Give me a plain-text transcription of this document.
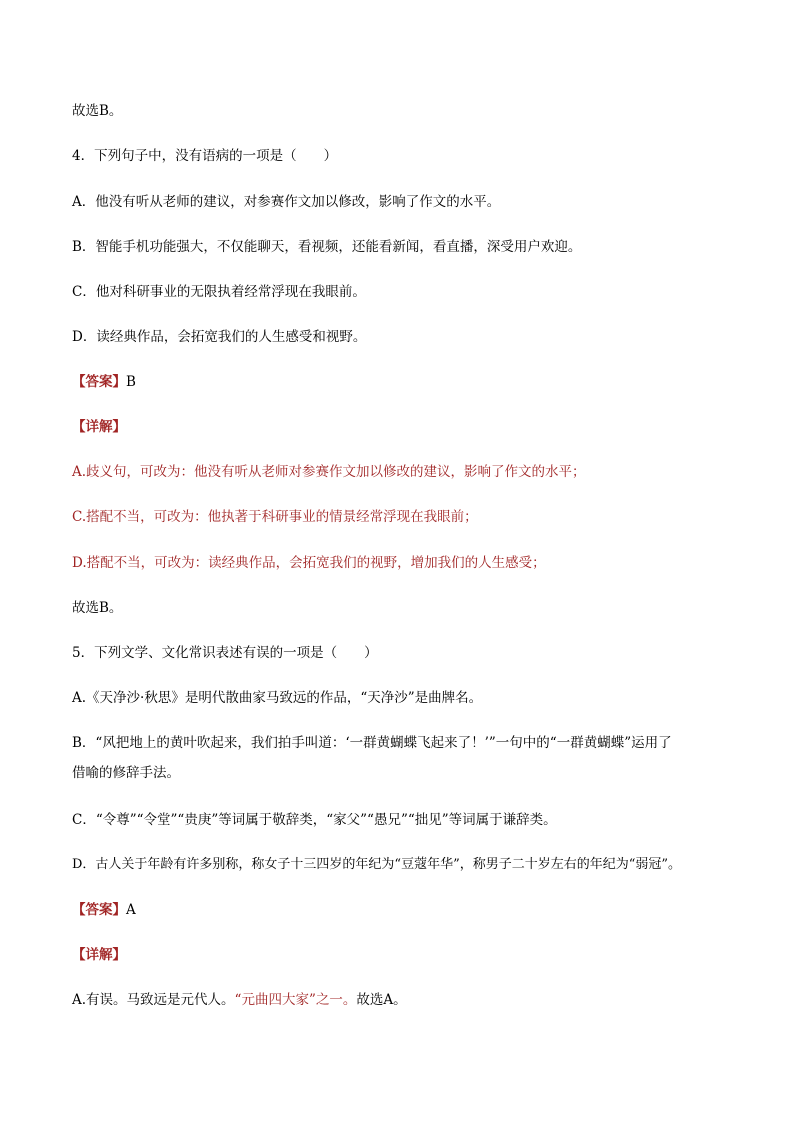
故选B。
4．下列句子中，没有语病的一项是（　　）
A．他没有听从老师的建议，对参赛作文加以修改，影响了作文的水平。
B．智能手机功能强大，不仅能聊天，看视频，还能看新闻，看直播，深受用户欢迎。
C．他对科研事业的无限执着经常浮现在我眼前。
D．读经典作品，会拓宽我们的人生感受和视野。
【答案】B
【详解】
A.歧义句，可改为：他没有听从老师对参赛作文加以修改的建议，影响了作文的水平；
C.搭配不当，可改为：他执著于科研事业的情景经常浮现在我眼前；
D.搭配不当，可改为：读经典作品，会拓宽我们的视野，增加我们的人生感受；
故选B。
5．下列文学、文化常识表述有误的一项是（　　）
A.《天净沙·秋思》是明代散曲家马致远的作品，“天净沙”是曲牌名。
B．“风把地上的黄叶吹起来，我们拍手叫道：‘一群黄蝴蝶飞起来了！’”一句中的“一群黄蝴蝶”运用了
借喻的修辞手法。
C．“令尊”“令堂”“贵庚”等词属于敬辞类，“家父”“愚兄”“拙见”等词属于谦辞类。
D．古人关于年龄有许多别称，称女子十三四岁的年纪为“豆蔻年华”，称男子二十岁左右的年纪为“弱冠”。
【答案】A
【详解】
A.有误。马致远是元代人。“元曲四大家”之一。故选A。
